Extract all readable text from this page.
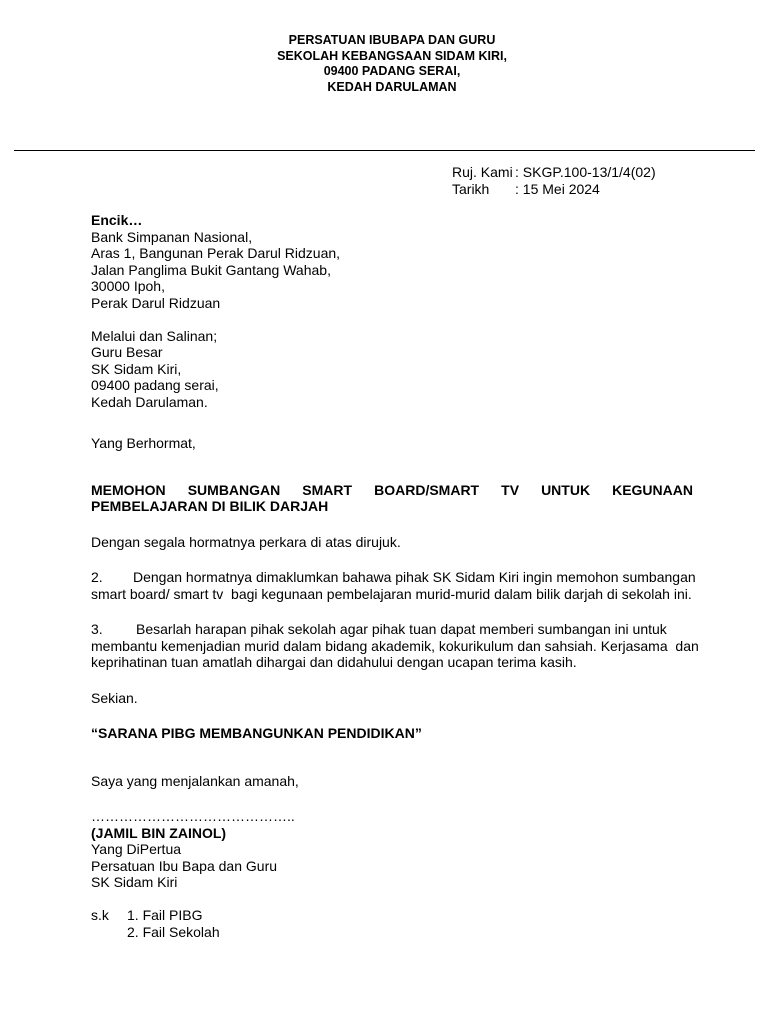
PERSATUAN IBUBAPA DAN GURU
SEKOLAH KEBANGSAAN SIDAM KIRI,
09400 PADANG SERAI,
KEDAH DARULAMAN
Ruj. Kami : SKGP.100-13/1/4(02)
Tarikh	: 15 Mei 2024
Encik…
Bank Simpanan Nasional,
Aras 1, Bangunan Perak Darul Ridzuan,
Jalan Panglima Bukit Gantang Wahab,
30000 Ipoh,
Perak Darul Ridzuan
Melalui dan Salinan;
Guru Besar
SK Sidam Kiri,
09400 padang serai,
Kedah Darulaman.
Yang Berhormat,
MEMOHON SUMBANGAN SMART BOARD/SMART TV UNTUK KEGUNAAN
PEMBELAJARAN DI BILIK DARJAH

Dengan segala hormatnya perkara di atas dirujuk.

2. Dengan hormatnya dimaklumkan bahawa pihak SK Sidam Kiri ingin memohon sumbangan
smart board/ smart tv  bagi kegunaan pembelajaran murid-murid dalam bilik darjah di sekolah ini.
3. Besarlah harapan pihak sekolah agar pihak tuan dapat memberi sumbangan ini untuk
membantu kemenjadian murid dalam bidang akademik, kokurikulum dan sahsiah. Kerjasama  dan
keprihatinan tuan amatlah dihargai dan didahului dengan ucapan terima kasih.
Sekian.
“SARANA PIBG MEMBANGUNKAN PENDIDIKAN”
Saya yang menjalankan amanah,
……………………………………..
(JAMIL BIN ZAINOL)
Yang DiPertua
Persatuan Ibu Bapa dan Guru
SK Sidam Kiri
s.k	1. Fail PIBG
2. Fail Sekolah
